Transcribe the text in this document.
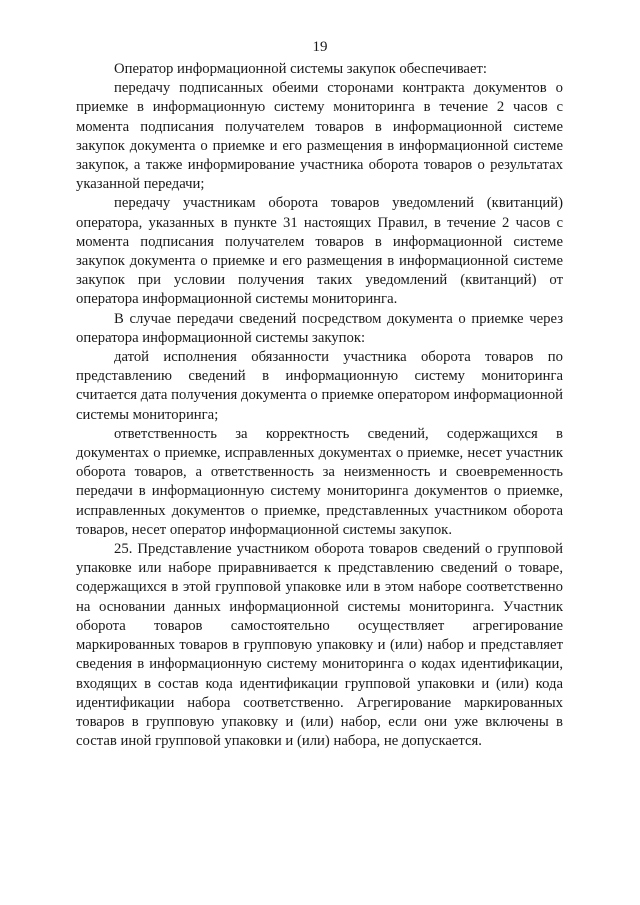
19

Оператор информационной системы закупок обеспечивает:

передачу подписанных обеими сторонами контракта документов о приемке в информационную систему мониторинга в течение 2 часов с момента подписания получателем товаров в информационной системе закупок документа о приемке и его размещения в информационной системе закупок, а также информирование участника оборота товаров о результатах указанной передачи;

передачу участникам оборота товаров уведомлений (квитанций) оператора, указанных в пункте 31 настоящих Правил, в течение 2 часов с момента подписания получателем товаров в информационной системе закупок документа о приемке и его размещения в информационной системе закупок при условии получения таких уведомлений (квитанций) от оператора информационной системы мониторинга.

В случае передачи сведений посредством документа о приемке через оператора информационной системы закупок:

датой исполнения обязанности участника оборота товаров по представлению сведений в информационную систему мониторинга считается дата получения документа о приемке оператором информационной системы мониторинга;

ответственность за корректность сведений, содержащихся в документах о приемке, исправленных документах о приемке, несет участник оборота товаров, а ответственность за неизменность и своевременность передачи в информационную систему мониторинга документов о приемке, исправленных документов о приемке, представленных участником оборота товаров, несет оператор информационной системы закупок.

25. Представление участником оборота товаров сведений о групповой упаковке или наборе приравнивается к представлению сведений о товаре, содержащихся в этой групповой упаковке или в этом наборе соответственно на основании данных информационной системы мониторинга. Участник оборота товаров самостоятельно осуществляет агрегирование маркированных товаров в групповую упаковку и (или) набор и представляет сведения в информационную систему мониторинга о кодах идентификации, входящих в состав кода идентификации групповой упаковки и (или) кода идентификации набора соответственно. Агрегирование маркированных товаров в групповую упаковку и (или) набор, если они уже включены в состав иной групповой упаковки и (или) набора, не допускается.
